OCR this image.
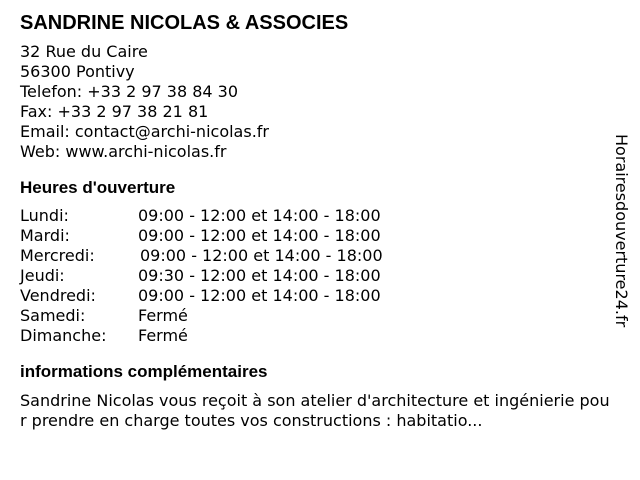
SANDRINE NICOLAS & ASSOCIES
32 Rue du Caire
56300 Pontivy
Telefon: +33 2 97 38 84 30
Fax: +33 2 97 38 21 81
Email: contact@archi-nicolas.fr
Web: www.archi-nicolas.fr
Heures d'ouverture
Lundi:	09:00 - 12:00 et 14:00 - 18:00
Mardi:	09:00 - 12:00 et 14:00 - 18:00
Mercredi:	09:00 - 12:00 et 14:00 - 18:00
Jeudi:	09:30 - 12:00 et 14:00 - 18:00
Vendredi:	09:00 - 12:00 et 14:00 - 18:00
Samedi:	Fermé
Dimanche:	Fermé
informations complémentaires
Sandrine Nicolas vous reçoit à son atelier d'architecture et ingénierie pour prendre en charge toutes vos constructions : habitatio...
Horairesdouverture24.fr
